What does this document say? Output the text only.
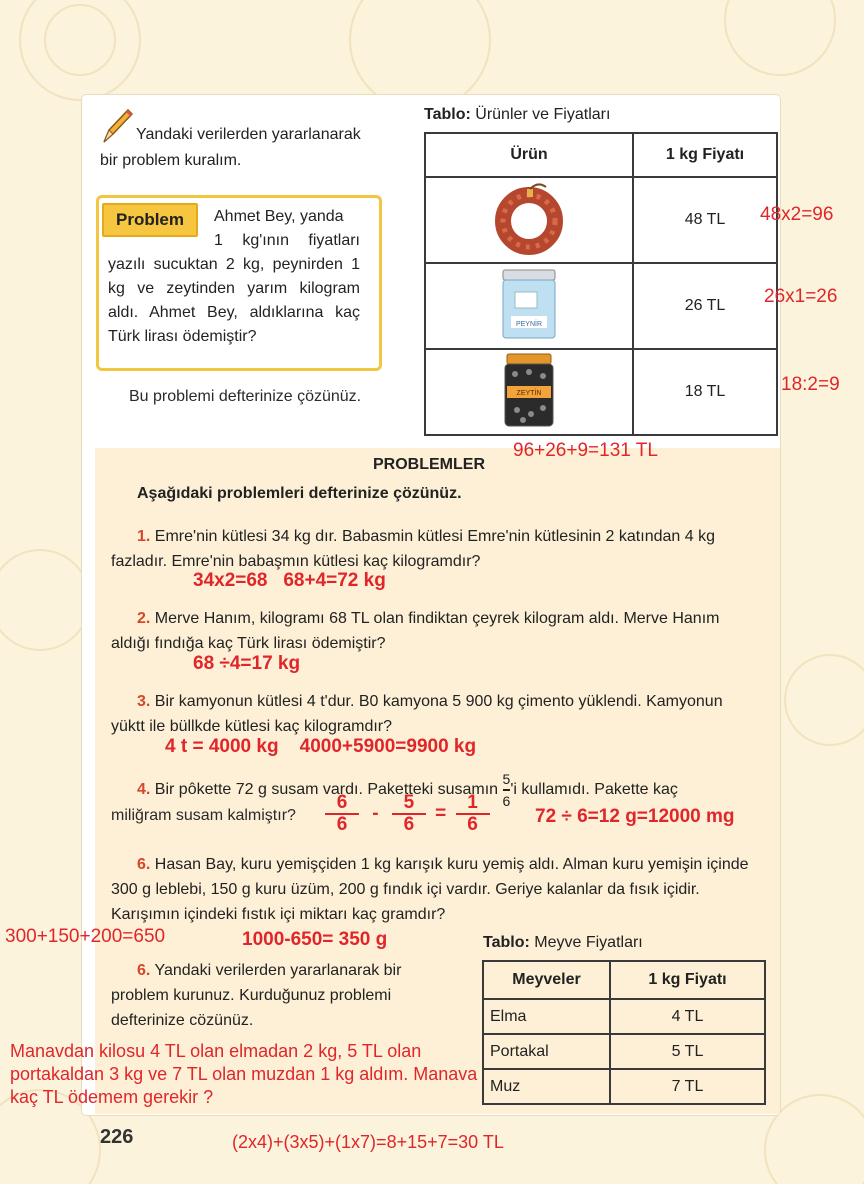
Yandaki verilerden yararlanarak
bir problem kuralım.
Problem	Ahmet Bey, yanda
1 kg'ının fiyatları yazılı sucuktan 2 kg, peynirden 1 kg ve zeytinden yarım kilogram aldı. Ahmet Bey, aldıklarına kaç Türk lirası ödemiştir?
Bu problemi defterinize çözünüz.
Tablo: Ürünler ve Fiyatları
Ürün	1 kg Fiyatı
	48 TL

PEYNİR	26 TL

ZEYTİN	18 TL
48x2=96
26x1=26
18:2=9
96+26+9=131 TL
PROBLEMLER
Aşağıdaki problemleri defterinize çözünüz.
1. Emre'nin kütlesi 34 kg dır. Babasmin kütlesi Emre'nin kütlesinin 2 katından 4 kg fazladır. Emre'nin babaşmın kütlesi kaç kilogramdır?
34x2=68   68+4=72 kg
2. Merve Hanım, kilogramı 68 TL olan findiktan çeyrek kilogram aldı. Merve Hanım aldığı fındığa kaç Türk lirası ödemiştir?
68 ÷4=17 kg
3. Bir kamyonun kütlesi 4 t'dur. B0 kamyona 5 900 kg çimento yüklendi. Kamyonun yüktt ile büllkde kütlesi kaç kilogramdır?
4 t = 4000 kg    4000+5900=9900 kg
4. Bir pôkette 72 g susam vardı. Paketteki susamın $\frac{5}{6}$ 'i kullamıdı. Pakette kaç
miliğram susam kalmiştır? $\frac{6}{6} - \frac{5}{6} = \frac{1}{6} 72 \div 6=12$ g=12000 mg
6. Hasan Bay, kuru yemişçiden 1 kg karışık kuru yemiş aldı. Alman kuru yemişin içinde 300 g leblebi, 150 g kuru üzüm, 200 g fındık içi vardır. Geriye kalanlar da fısık içidir. Karışımın içindeki fıstık içi miktarı kaç gramdır?
300+150+200=650	1000-650= 350 g
6. Yandaki verilerden yararlanarak bir problem kurunuz. Kurduğunuz problemi defterinize cözünüz.
Tablo: Meyve Fiyatları
Meyveler	1 kg Fiyatı
Elma	4 TL
Portakal	5 TL
Muz	7 TL
Manavdan kilosu 4 TL olan elmadan 2 kg, 5 TL olan portakaldan 3 kg ve 7 TL olan muzdan 1 kg aldım. Manava kaç TL ödemem gerekir ?
226	(2x4)+(3x5)+(1x7)=8+15+7=30 TL
